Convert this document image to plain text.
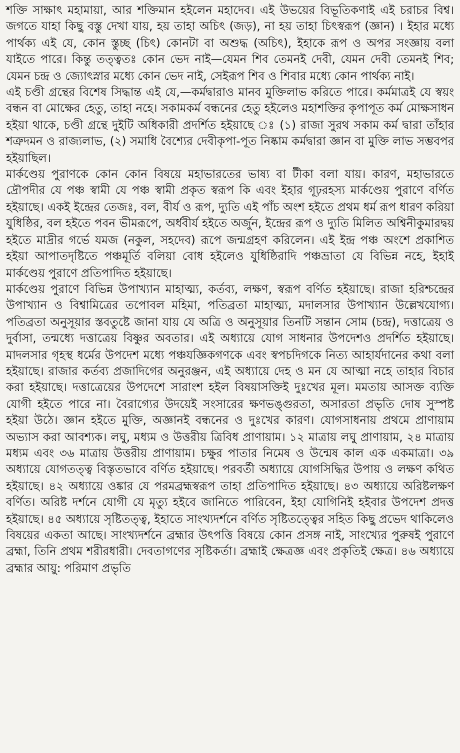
শক্তি সাক্ষাৎ মহামায়া, আর শক্তিমান হইলেন মহাদেব। এই উভয়ের বিভূতিকণাই এই চরাচর বিশ্ব। জগতে যাহা কিছু বস্তু দেখা যায়, হয় তাহা অচিৎ (জড়), না হয় তাহা চিৎস্বরূপ (জ্ঞান) । ইহার মধ্যে পার্থক্য এই যে, কোন স্তুচ্ছ (চিৎ) কোনটা বা অশুদ্ধ (অচিৎ), ইহাকে রূপ ও অপর সংজ্ঞায় বলা যাইতে পারে। কিন্তু তত্ত্বতঃ কোন ভেদ নাই—যেমন শিব তেমনই দেবী, যেমন দেবী তেমনই শিব; যেমন চন্দ্র ও জ্যোৎস্নার মধ্যে কোন ভেদ নাই, সেইরূপ শিব ও শিবার মধ্যে কোন পার্থক্য নাই।

এই চণ্ডী গ্রন্থের বিশেষ সিদ্ধান্ত এই যে,—কর্মদ্বারাও মানব মুক্তিলাভ করিতে পারে। কর্মমাত্রই যে স্বয়ং বন্ধন বা মোক্ষের হেতু, তাহা নহে। সকামকর্ম বন্ধনের হেতু হইলেও মহাশক্তির কৃপাপূত কর্ম মোক্ষসাধন হইয়া থাকে, চণ্ডী গ্রন্থে দুইটি অধিকারী প্রদর্শিত হইয়াছে ঃ (১) রাজা সুরথ সকাম কর্ম দ্বারা তাঁহার শত্রুদমন ও রাজ্যলাভ, (২) সমাধি বৈশ্যের দেবীকৃপা-পূত নিষ্কাম কর্মদ্বারা জ্ঞান বা মুক্তি লাভ সম্ভবপর হইয়াছিল।

মার্কণ্ডেয় পুরাণকে কোন কোন বিষয়ে মহাভারতের ভাষ্য বা টীকা বলা যায়। কারণ, মহাভারতে দ্রৌপদীর যে পঞ্চ স্বামী যে পঞ্চ স্বামী প্রকৃত স্বরূপ কি এবং ইহার গূঢ়রহস্য মার্কণ্ডেয় পুরাণে বর্ণিত হইয়াছে। একই ইন্দ্রের তেজঃ, বল, বীর্য ও রূপ, দ্যুতি এই পাঁচ অংশ হইতে প্রথম ধর্ম রূপ ধারণ করিয়া যুধিষ্ঠির, বল হইতে পবন ভীমরূপে, অর্ধবীর্য হইতে অর্জুন, ইন্দ্রের রূপ ও দ্যুতি মিলিত অশ্বিনীকুমারদ্বয় হইতে মাদ্রীর গর্ভে যমজ (নকুল, সহদেব) রূপে জন্মগ্রহণ করিলেন। এই ইন্দ্র পঞ্চ অংশে প্রকাশিত হইয়া আপাতদৃষ্টিতে পঞ্চমূর্তি বলিয়া বোধ হইলেও যুধিষ্ঠিরাদি পঞ্চভ্রাতা যে বিভিন্ন নহে, ইহাই মার্কণ্ডেয় পুরাণে প্রতিপাদিত হইয়াছে।

মার্কণ্ডেয় পুরাণে বিভিন্ন উপাখ্যান মাহাত্ম্য, কর্তব্য, লক্ষণ, স্বরূপ বর্ণিত হইয়াছে। রাজা হরিশ্চন্দ্রের উপাখ্যান ও বিশ্বামিত্রের তপোবল মহিমা, পতিব্রতা মাহাত্ম্য, মদালসার উপাখ্যান উল্লেখযোগ্য। পতিব্রতা অনুসূয়ার স্তবতুষ্টে জানা যায় যে অত্রি ও অনুসূয়ার তিনটি সন্তান সোম (চন্দ্র), দত্তাত্রেয় ও দুর্বাসা, তন্মধ্যে দত্তাত্রেয় বিষ্ণুর অবতার। এই অধ্যায়ে যোগ সাধনার উপদেশও প্রদর্শিত হইয়াছে। মাদলসার গৃহস্থ ধর্মের উপদেশ মধ্যে পঞ্চযজ্ঞিকগণকে এবং স্বপচদিগকে নিত্য আহার্যদানের কথা বলা হইয়াছে। রাজার কর্তব্য প্রজাদিগের অনুরঞ্জন, এই অধ্যায়ে দেহ ও মন যে আত্মা নহে তাহার বিচার করা হইয়াছে। দত্তাত্রেয়ের উপদেশে সারাংশ হইল বিষয়াসক্তিই দুঃখের মূল। মমতায় আসক্ত ব্যক্তি যোগী হইতে পারে না। বৈরাগ্যের উদয়েই সংসারের ক্ষণভঙ্গুরতা, অসারতা প্রভৃতি দোষ সুস্পষ্ট হইয়া উঠে। জ্ঞান হইতে মুক্তি, অজ্ঞানই বন্ধনের ও দুঃখের কারণ। যোগসাধনায় প্রথমে প্রাণায়াম অভ্যাস করা আবশ্যক। লঘু, মধ্যম ও উত্তরীয় ত্রিবিধ প্রাণায়াম। ১২ মাত্রায় লঘু প্রাণায়াম, ২৪ মাত্রায় মধ্যম এবং ৩৬ মাত্রায় উত্তরীয় প্রাণায়াম। চক্ষুর পাতার নিমেষ ও উন্মেষ কাল এক একমাত্রা। ৩৯ অধ্যায়ে যোগতত্ত্ব বিস্তৃতভাবে বর্ণিত হইয়াছে। পরবর্তী অধ্যায়ে যোগসিদ্ধির উপায় ও লক্ষণ কথিত হইয়াছে। ৪২ অধ্যায়ে ওঙ্কার যে পরমব্রহ্মস্বরূপ তাহা প্রতিপাদিত হইয়াছে। ৪৩ অধ্যায়ে অরিষ্টলক্ষণ বর্ণিত। অরিষ্ট দর্শনে যোগী যে মৃত্যু হইবে জানিতে পারিবেন, ইহা যোগিনিই হইবার উপদেশ প্রদত্ত হইয়াছে। ৪৫ অধ্যায়ে সৃষ্টিতত্ত্ব, ইহাতে সাংখ্যদর্শনে বর্ণিত সৃষ্টিতত্ত্বের সহিত কিছু প্রভেদ থাকিলেও বিষয়ের একতা আছে। সাংখ্যদর্শনে ব্রহ্মার উৎপত্তি বিষয়ে কোন প্রসঙ্গ নাই, সাংখ্যের পুরুষই পুরাণে ব্রহ্মা, তিনি প্রথম শরীরধারী। দেবতাগণের সৃষ্টিকর্তা। ব্রহ্মাই ক্ষেত্রজ্ঞ এবং প্রকৃতিই ক্ষেত্র। ৪৬ অধ্যায়ে ব্রহ্মার আয়ু: পরিমাণ প্রভৃতি
